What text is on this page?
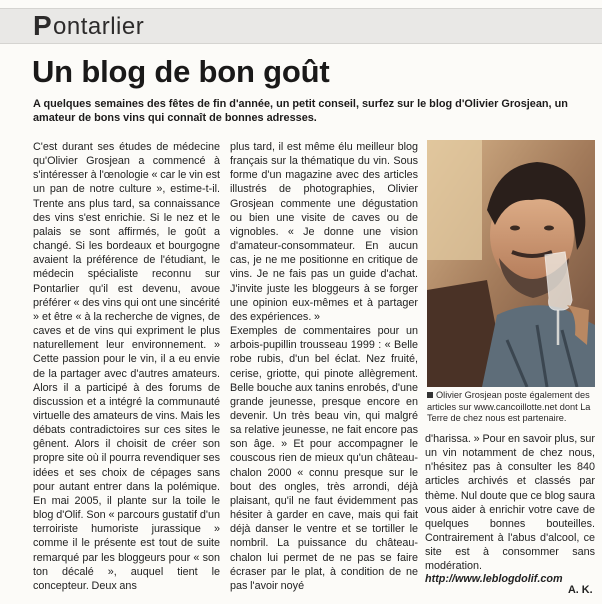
P ontarlier
Un blog de bon goût
A quelques semaines des fêtes de fin d'année, un petit conseil, surfez sur le blog d'Olivier Grosjean, un amateur de bons vins qui connaît de bonnes adresses.

C'est durant ses études de médecine qu'Olivier Grosjean a commencé à s'intéresser à l'œnologie « car le vin est un pan de notre culture », estime-t-il. Trente ans plus tard, sa connaissance des vins s'est enrichie. Si le nez et le palais se sont affirmés, le goût a changé. Si les bordeaux et bourgogne avaient la préférence de l'étudiant, le médecin spécialiste reconnu sur Pontarlier qu'il est devenu, avoue préférer « des vins qui ont une sincérité » et être « à la recherche de vignes, de caves et de vins qui expriment le plus naturellement leur environnement. » Cette passion pour le vin, il a eu envie de la partager avec d'autres amateurs. Alors il a participé à des forums de discussion et a intégré la communauté virtuelle des amateurs de vins. Mais les débats contradictoires sur ces sites le gênent. Alors il choisit de créer son propre site où il pourra revendiquer ses idées et ses choix de cépages sans pour autant entrer dans la polémique. En mai 2005, il plante sur la toile le blog d'Olif. Son « parcours gustatif d'un terroiriste humoriste jurassique » comme il le présente est tout de suite remarqué par les bloggeurs pour « son ton décalé », auquel tient le concepteur. Deux ans

plus tard, il est même élu meilleur blog français sur la thématique du vin. Sous forme d'un magazine avec des articles illustrés de photographies, Olivier Grosjean commente une dégustation ou bien une visite de caves ou de vignobles. « Je donne une vision d'amateur-consommateur. En aucun cas, je ne me positionne en critique de vins. Je ne fais pas un guide d'achat. J'invite juste les bloggeurs à se forger une opinion eux-mêmes et à partager des expériences. »

Exemples de commentaires pour un arbois-pupillin trousseau 1999 : « Belle robe rubis, d'un bel éclat. Nez fruité, cerise, griotte, qui pinote allègrement. Belle bouche aux tanins enrobés, d'une grande jeunesse, presque encore en devenir. Un très beau vin, qui malgré sa relative jeunesse, ne fait encore pas son âge. » Et pour accompagner le couscous rien de mieux qu'un château-chalon 2000 « connu presque sur le bout des ongles, très arrondi, déjà plaisant, qu'il ne faut évidemment pas hésiter à garder en cave, mais qui fait déjà danser le ventre et se tortiller le nombril. La puissance du château-chalon lui permet de ne pas se faire écraser par le plat, à condition de ne pas l'avoir noyé

Olivier Grosjean poste également des articles sur www.cancoillotte.net dont La Terre de chez nous est partenaire.

d'harissa. » Pour en savoir plus, sur un vin notamment de chez nous, n'hésitez pas à consulter les 840 articles archivés et classés par thème. Nul doute que ce blog saura vous aider à enrichir votre cave de quelques bonnes bouteilles. Contrairement à l'abus d'alcool, ce site est à consommer sans modération.

http://www.leblogdolif.com
A. K.
